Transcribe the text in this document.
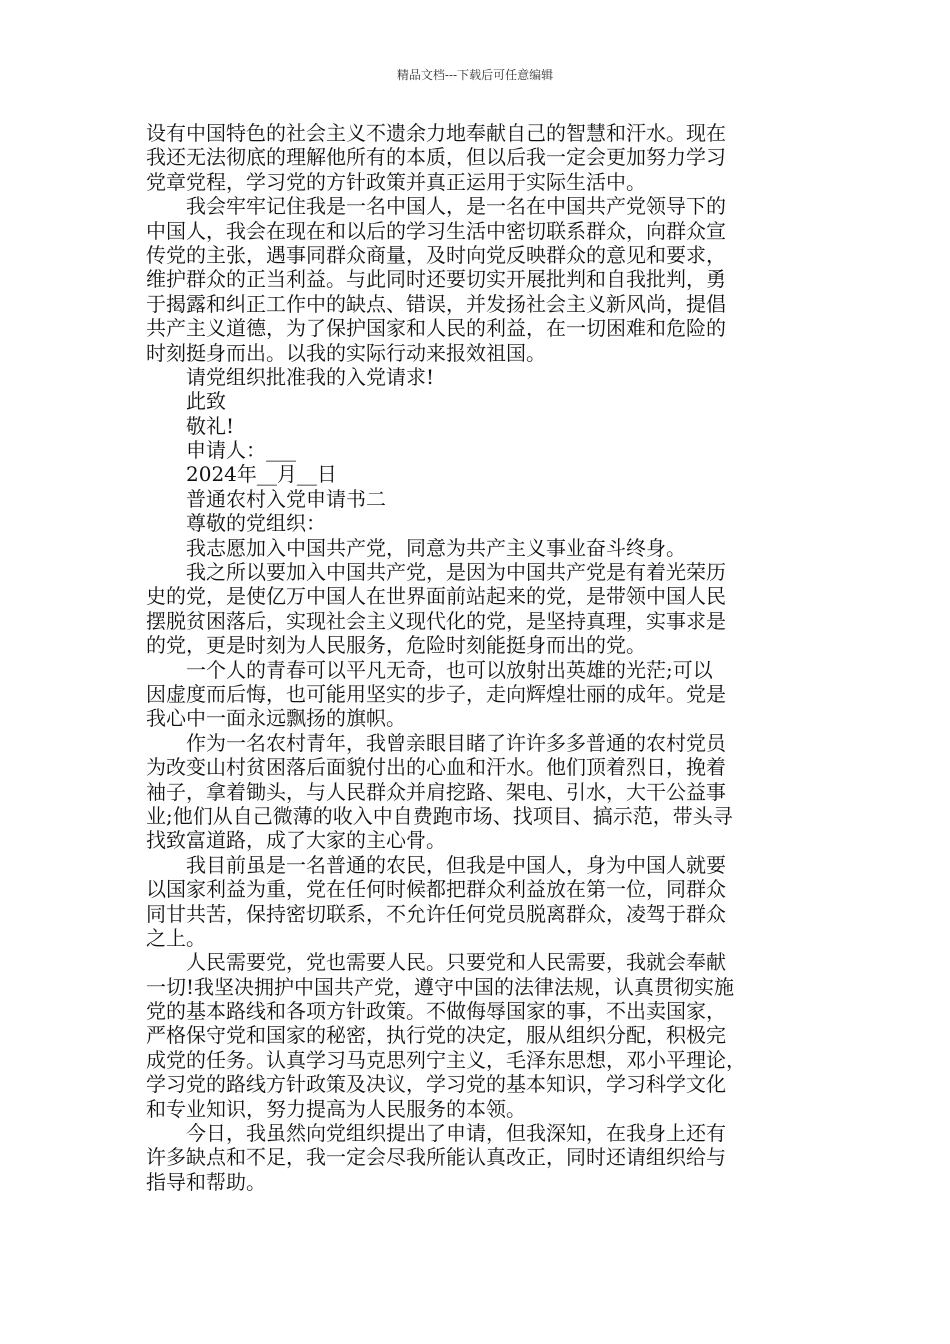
精品文档---下载后可任意编辑
设有中国特色的社会主义不遗余力地奉献自己的智慧和汗水。现在
我还无法彻底的理解他所有的本质，但以后我一定会更加努力学习
党章党程，学习党的方针政策并真正运用于实际生活中。
　　我会牢牢记住我是一名中国人，是一名在中国共产党领导下的
中国人，我会在现在和以后的学习生活中密切联系群众，向群众宣
传党的主张，遇事同群众商量，及时向党反映群众的意见和要求，
维护群众的正当利益。与此同时还要切实开展批判和自我批判，勇
于揭露和纠正工作中的缺点、错误，并发扬社会主义新风尚，提倡
共产主义道德，为了保护国家和人民的利益，在一切困难和危险的
时刻挺身而出。以我的实际行动来报效祖国。
　　请党组织批准我的入党请求!
　　此致
　　敬礼!
　　申请人：___
　　2024年__月__日
　　普通农村入党申请书二
　　尊敬的党组织：
　　我志愿加入中国共产党，同意为共产主义事业奋斗终身。
　　我之所以要加入中国共产党，是因为中国共产党是有着光荣历
史的党，是使亿万中国人在世界面前站起来的党，是带领中国人民
摆脱贫困落后，实现社会主义现代化的党，是坚持真理，实事求是
的党，更是时刻为人民服务，危险时刻能挺身而出的党。
　　一个人的青春可以平凡无奇，也可以放射出英雄的光茫;可以
因虚度而后悔，也可能用坚实的步子，走向辉煌壮丽的成年。党是
我心中一面永远飘扬的旗帜。
　　作为一名农村青年，我曾亲眼目睹了许许多多普通的农村党员
为改变山村贫困落后面貌付出的心血和汗水。他们顶着烈日，挽着
袖子，拿着锄头，与人民群众并肩挖路、架电、引水，大干公益事
业;他们从自己微薄的收入中自费跑市场、找项目、搞示范，带头寻
找致富道路，成了大家的主心骨。
　　我目前虽是一名普通的农民，但我是中国人，身为中国人就要
以国家利益为重，党在任何时候都把群众利益放在第一位，同群众
同甘共苦，保持密切联系，不允许任何党员脱离群众，凌驾于群众
之上。
　　人民需要党，党也需要人民。只要党和人民需要，我就会奉献
一切!我坚决拥护中国共产党，遵守中国的法律法规，认真贯彻实施
党的基本路线和各项方针政策。不做侮辱国家的事，不出卖国家，
严格保守党和国家的秘密，执行党的决定，服从组织分配，积极完
成党的任务。认真学习马克思列宁主义，毛泽东思想，邓小平理论，
学习党的路线方针政策及决议，学习党的基本知识，学习科学文化
和专业知识，努力提高为人民服务的本领。
　　今日，我虽然向党组织提出了申请，但我深知，在我身上还有
许多缺点和不足，我一定会尽我所能认真改正，同时还请组织给与
指导和帮助。
